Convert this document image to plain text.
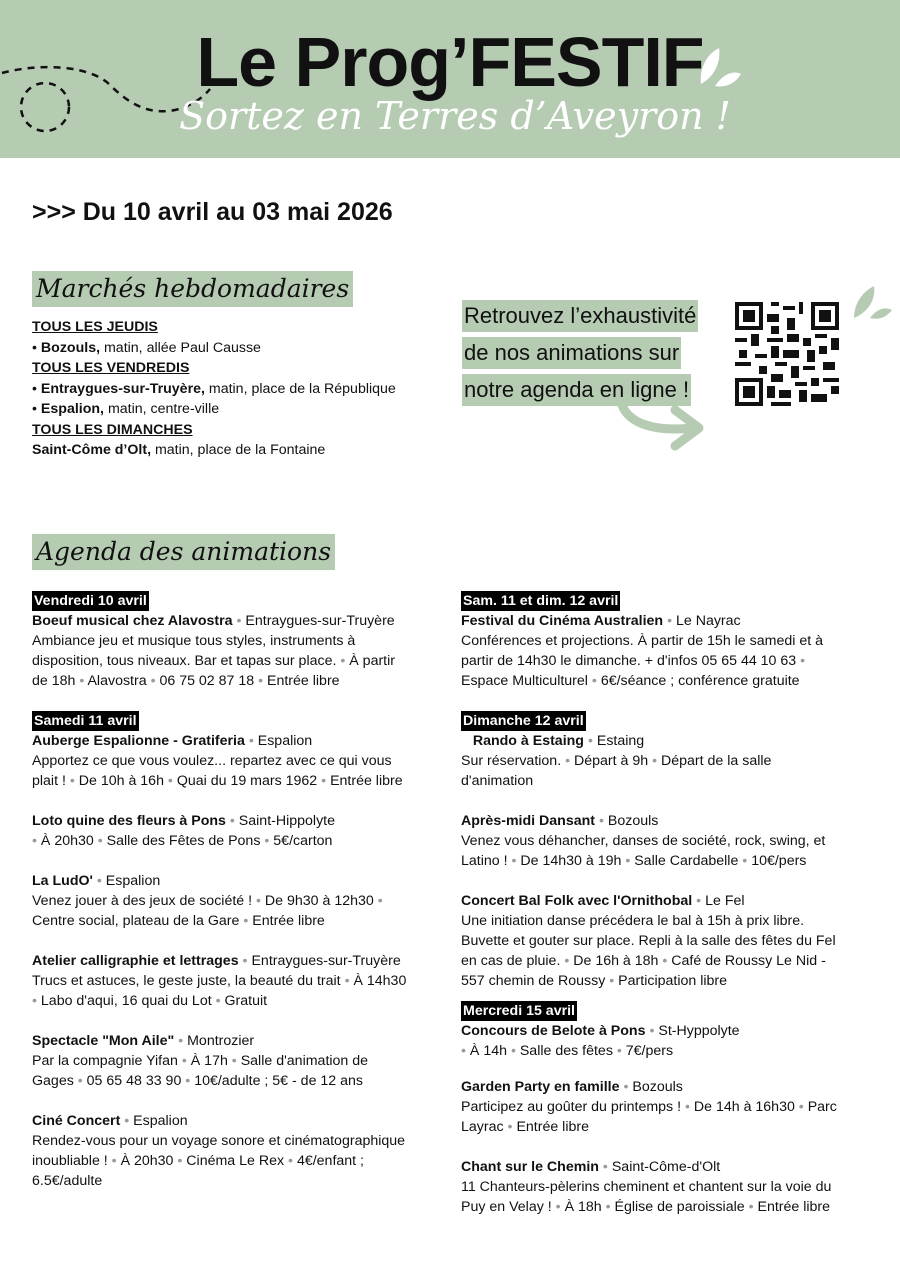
Le Prog’FESTIF
Sortez en Terres d’Aveyron !
>>> Du 10 avril au 03 mai 2026
Marchés hebdomadaires
TOUS LES JEUDIS
• Bozouls, matin, allée Paul Causse
TOUS LES VENDREDIS
• Entraygues-sur-Truyère, matin, place de la République
• Espalion, matin, centre-ville
TOUS LES DIMANCHES
Saint-Côme d’Olt, matin, place de la Fontaine
Retrouvez l’exhaustivité
de nos animations sur
notre agenda en ligne !
Agenda des animations
Vendredi 10 avril
Boeuf musical chez Alavostra • Entraygues-sur-Truyère
Ambiance jeu et musique tous styles, instruments à
disposition, tous niveaux. Bar et tapas sur place. • À partir
de 18h • Alavostra • 06 75 02 87 18 • Entrée libre
Samedi 11 avril
Auberge Espalionne - Gratiferia • Espalion
Apportez ce que vous voulez... repartez avec ce qui vous
plait ! • De 10h à 16h • Quai du 19 mars 1962 • Entrée libre
Loto quine des fleurs à Pons • Saint-Hippolyte
• À 20h30 • Salle des Fêtes de Pons • 5€/carton
La LudO' • Espalion
Venez jouer à des jeux de société ! • De 9h30 à 12h30 •
Centre social, plateau de la Gare • Entrée libre
Atelier calligraphie et lettrages • Entraygues-sur-Truyère
Trucs et astuces, le geste juste, la beauté du trait • À 14h30
• Labo d'aqui, 16 quai du Lot • Gratuit
Spectacle "Mon Aile" • Montrozier
Par la compagnie Yifan • À 17h • Salle d'animation de
Gages • 05 65 48 33 90 • 10€/adulte ; 5€ - de 12 ans
Ciné Concert • Espalion
Rendez-vous pour un voyage sonore et cinématographique
inoubliable ! • À 20h30 • Cinéma Le Rex • 4€/enfant ;
6.5€/adulte
Sam. 11 et dim. 12 avril
Festival du Cinéma Australien • Le Nayrac
Conférences et projections. À partir de 15h le samedi et à
partir de 14h30 le dimanche. + d'infos 05 65 44 10 63 •
Espace Multiculturel • 6€/séance ; conférence gratuite
Dimanche 12 avril
Rando à Estaing • Estaing
Sur réservation. • Départ à 9h • Départ de la salle
d'animation
Après-midi Dansant • Bozouls
Venez vous déhancher, danses de société, rock, swing, et
Latino ! • De 14h30 à 19h • Salle Cardabelle • 10€/pers
Concert Bal Folk avec l'Ornithobal • Le Fel
Une initiation danse précédera le bal à 15h à prix libre.
Buvette et gouter sur place. Repli à la salle des fêtes du Fel
en cas de pluie. • De 16h à 18h • Café de Roussy Le Nid -
557 chemin de Roussy • Participation libre
Mercredi 15 avril
Concours de Belote à Pons • St-Hyppolyte
• À 14h • Salle des fêtes • 7€/pers
Garden Party en famille • Bozouls
Participez au goûter du printemps ! • De 14h à 16h30 • Parc
Layrac • Entrée libre
Chant sur le Chemin • Saint-Côme-d'Olt
11 Chanteurs-pèlerins cheminent et chantent sur la voie du
Puy en Velay ! • À 18h • Église de paroissiale • Entrée libre
